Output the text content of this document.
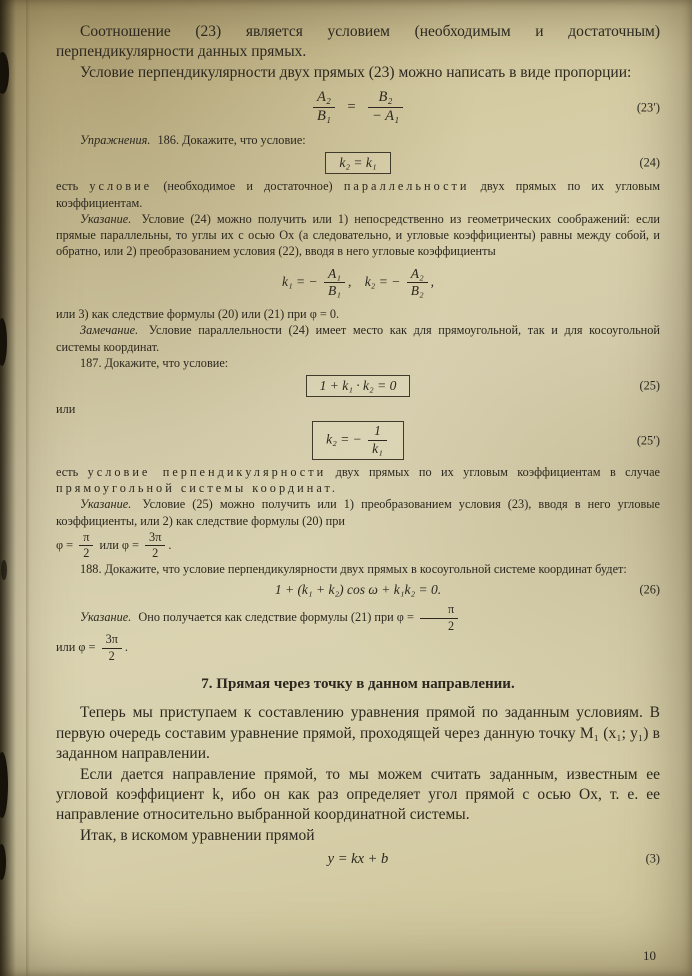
Соотношение (23) является условием (необходимым и достаточным) перпендикулярности данных прямых.

Условие перпендикулярности двух прямых (23) можно написать в виде пропорции:

$\frac{\text{A₂}}{\text{B₁}} = \frac{\text{B₂}}{\text{− A₁}}$	(23′)

Упражнения. 186. Докажите, что условие:

k₂ = k₁	(24)

есть условие (необходимое и достаточное) параллельности двух прямых по их угловым коэффициентам.

Указание. Условие (24) можно получить или 1) непосредственно из геометрических соображений: если прямые параллельны, то углы их с осью Ох (а следовательно, и угловые коэффициенты) равны между собой, и обратно, или 2) преобразованием условия (22), вводя в него угловые коэффициенты

k₁ = − $\frac{\text{A₁}}{\text{B₁}}$ , k₂ = − $\frac{\text{A₂}}{\text{B₂}}$ ,

или 3) как следствие формулы (20) или (21) при φ = 0.

Замечание. Условие параллельности (24) имеет место как для прямоугольной, так и для косоугольной системы координат.

187. Докажите, что условие:

1 + k₁ · k₂ = 0	(25)

или

k₂ = − $\frac{1}{\text{k₁}}$	(25′)

есть условие перпендикулярности двух прямых по их угловым коэффициентам в случае прямоугольной системы координат.

Указание. Условие (25) можно получить или 1) преобразованием условия (23), вводя в него угловые коэффициенты, или 2) как следствие формулы (20) при

$\varphi = \frac{\pi}{2}$ или $\varphi = \frac{3\pi}{2}$ .

188. Докажите, что условие перпендикулярности двух прямых в косоугольной системе координат будет:

1 + (k₁ + k₂) cos ω + k₁k₂ = 0.	(26)

Указание. Оно получается как следствие формулы (21) при $\varphi = \frac{\pi}{2}$

или $\varphi = \frac{3\pi}{2}$ .

7. Прямая через точку в данном направлении.

Теперь мы приступаем к составлению уравнения прямой по заданным условиям. В первую очередь составим уравнение прямой, проходящей через данную точку M₁ (x₁; y₁) в заданном направлении.

Если дается направление прямой, то мы можем считать заданным, известным ее угловой коэффициент k, ибо он как раз определяет угол прямой с осью Ох, т. е. ее направление относительно выбранной координатной системы.

Итак, в искомом уравнении прямой

y = kx + b	(3)
10
